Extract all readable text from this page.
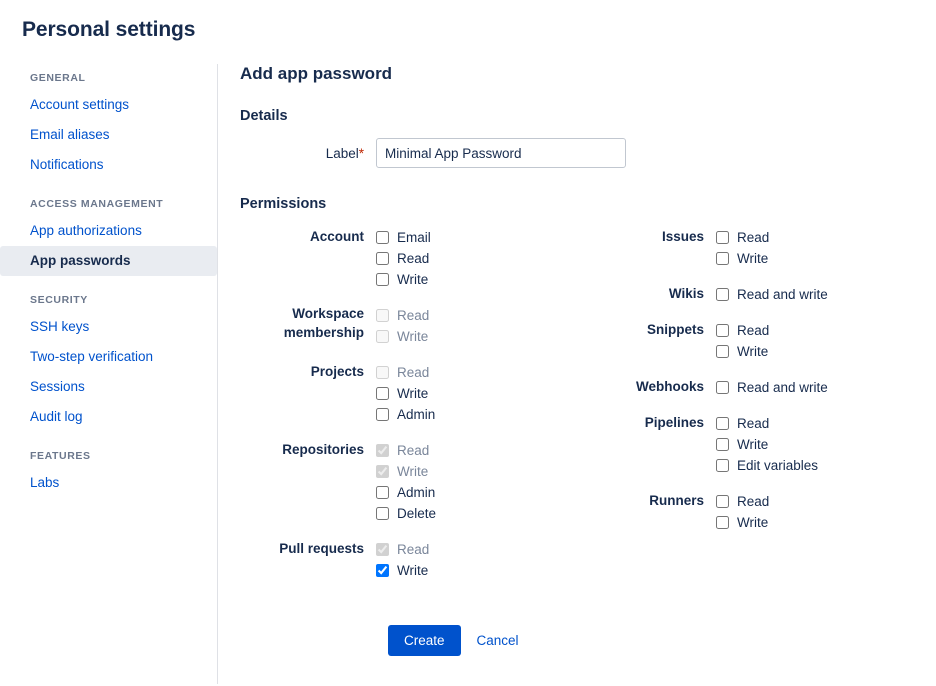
Personal settings
GENERAL
Account settings
Email aliases
Notifications
ACCESS MANAGEMENT
App authorizations
App passwords
SECURITY
SSH keys
Two-step verification
Sessions
Audit log
FEATURES
Labs
Add app password
Details
Label*
Minimal App Password
Permissions
Account	Email
Read
Write
Workspace membership
Read
Write
Projects	Read
Write
Admin
Repositories	Read
Write
Admin
Delete
Pull requests	Read
Write
Issues	Read
Write
Wikis	Read and write
Snippets	Read
Write
Webhooks	Read and write
Pipelines	Read
Write
Edit variables
Runners	Read
Write
Create	Cancel
